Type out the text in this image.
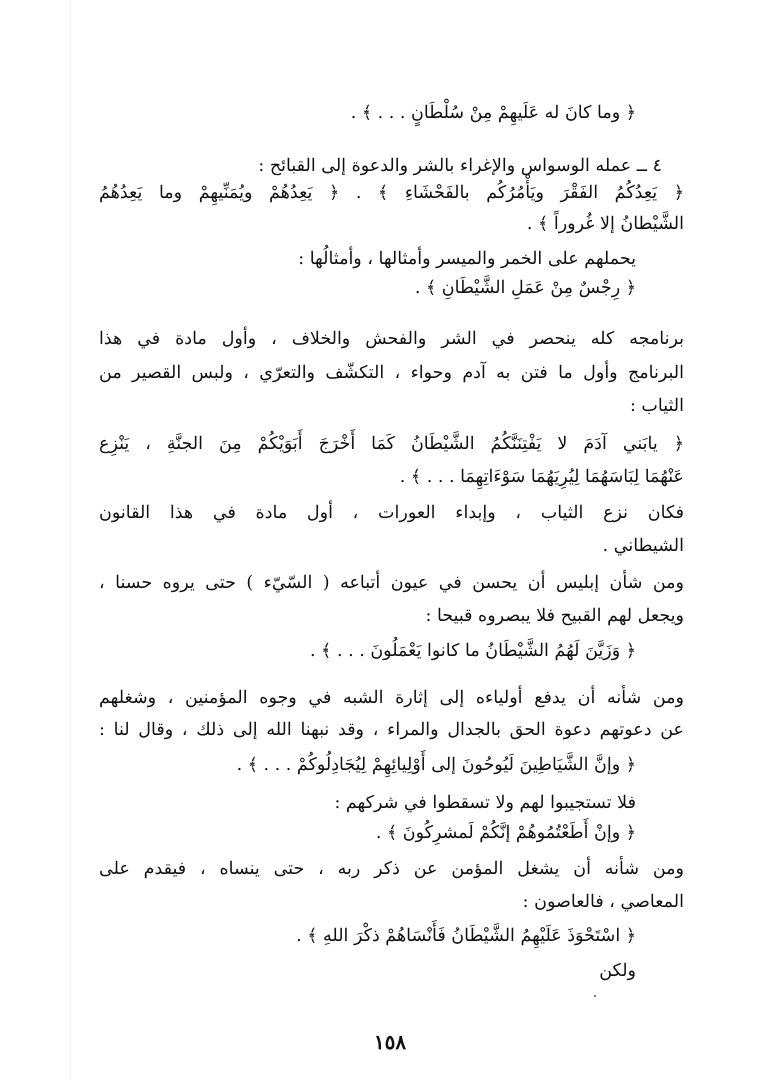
﴿ وما كانَ له عَلَيهِمْ مِنْ سُلْطَانٍ . . . ﴾ .
٤ ــ عمله الوسواس والإغراء بالشر والدعوة إلى القبائح :
﴿ يَعِدُكُمُ الفَقْرَ ويَأْمُرُكُم بالفَحْشَاءِ ﴾ . ﴿ يَعِدُهُمْ ويُمَنِّيهِمْ وما يَعِدُهُمُ
الشَّيْطانُ إلا غُروراً ﴾ .
يحملهم على الخمر والميسر وأمثالها ، وأمثالُها :
﴿ رِجْسٌ مِنْ عَمَلِ الشَّيْطَانِ ﴾ .
برنامجه كله ينحصر في الشر والفحش والخلاف ، وأول مادة في هذا
البرنامج وأول ما فتن به آدم وحواء ، التكشّف والتعرّي ، ولبس القصير من
الثياب :
﴿ يابَني آدَمَ لا يَفْتِنَنَّكُمُ الشَّيْطَانُ كَمَا أَخْرَجَ أَبَوَيْكُمْ مِنَ الجنَّةِ ، يَنْزِع
عَنْهُمَا لِبَاسَهُمَا لِيُرِيَهُمَا سَوْءَاتِهِمَا . . . ﴾ .
فكان نزع الثياب ، وإبداء العورات ، أول مادة في هذا القانون
الشيطاني .
ومن شأن إبليس أن يحسن في عيون أتباعه ( السّيّء ) حتى يروه حسنا ،
ويجعل لهم القبيح فلا يبصروه قبيحا :
﴿ وَزَيَّنَ لَهُمُ الشَّيْطَانُ ما كانوا يَعْمَلُونَ . . . ﴾ .
ومن شأنه أن يدفع أولياءه إلى إثارة الشبه في وجوه المؤمنين ، وشغلهم
عن دعوتهم دعوة الحق بالجدال والمراء ، وقد نبهنا الله إلى ذلك ، وقال لنا :
﴿ وإنَّ الشَّيَاطِينَ لَيُوحُونَ إلى أَوْلِيائِهِمْ لِيُجَادِلُوكُمْ . . . ﴾ .
فلا تستجيبوا لهم ولا تسقطوا في شركهم :
﴿ وإنْ أَطَعْتُمُوهُمْ إنَّكُمْ لَمشرِكُونَ ﴾ .
ومن شأنه أن يشغل المؤمن عن ذكر ربه ، حتى ينساه ، فيقدم على
المعاصي ، فالعاصون :
﴿ اسْتَحْوَذَ عَلَيْهِمُ الشَّيْطَانُ فَأَنْسَاهُمْ ذكْرَ اللهِ ﴾ .
ولكن
١٥٨
